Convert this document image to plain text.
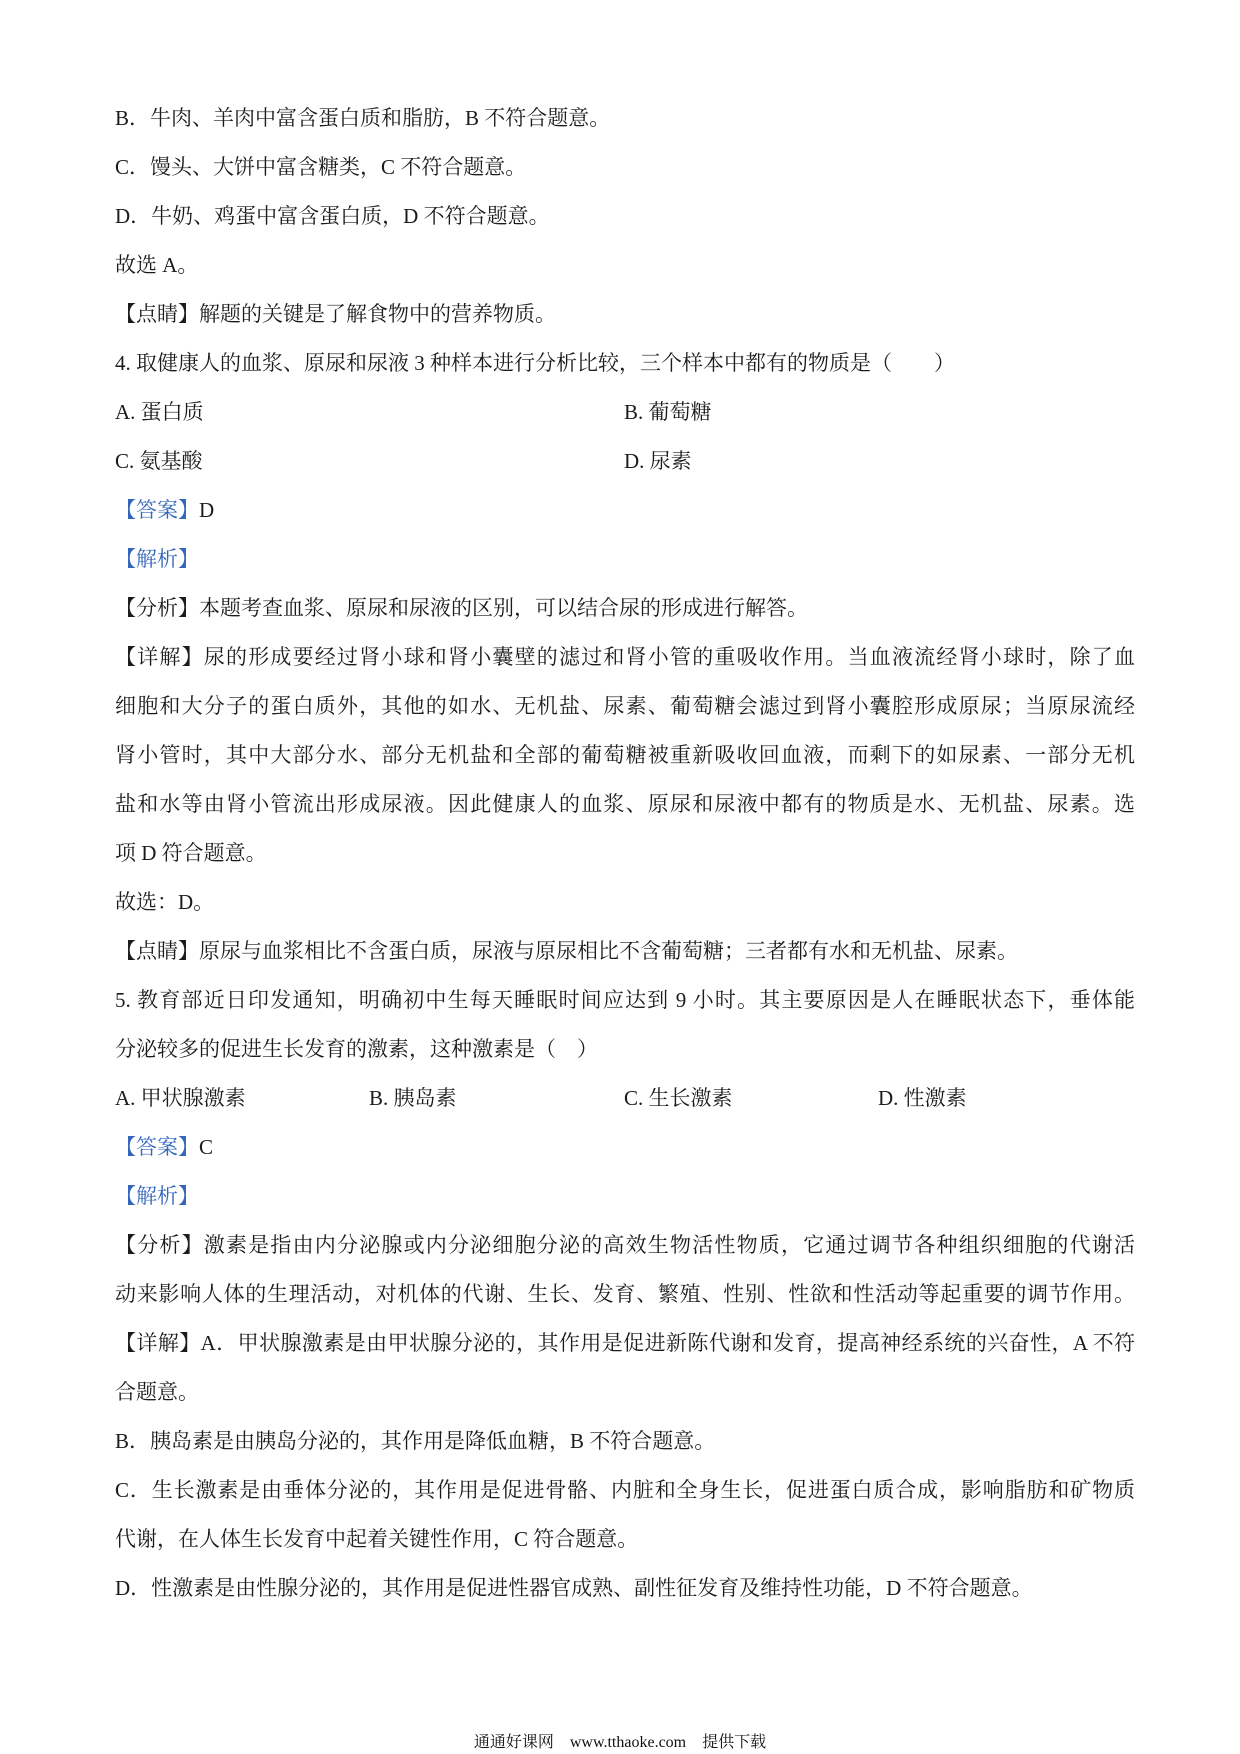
B．牛肉、羊肉中富含蛋白质和脂肪，B 不符合题意。
C．馒头、大饼中富含糖类，C 不符合题意。
D．牛奶、鸡蛋中富含蛋白质，D 不符合题意。
故选 A。
【点睛】解题的关键是了解食物中的营养物质。
4. 取健康人的血浆、原尿和尿液 3 种样本进行分析比较，三个样本中都有的物质是（　　）
A. 蛋白质	B. 葡萄糖
C. 氨基酸	D. 尿素
【答案】D
【解析】
【分析】本题考查血浆、原尿和尿液的区别，可以结合尿的形成进行解答。
【详解】尿的形成要经过肾小球和肾小囊壁的滤过和肾小管的重吸收作用。当血液流经肾小球时，除了血
细胞和大分子的蛋白质外，其他的如水、无机盐、尿素、葡萄糖会滤过到肾小囊腔形成原尿；当原尿流经
肾小管时，其中大部分水、部分无机盐和全部的葡萄糖被重新吸收回血液，而剩下的如尿素、一部分无机
盐和水等由肾小管流出形成尿液。因此健康人的血浆、原尿和尿液中都有的物质是水、无机盐、尿素。选
项 D 符合题意。
故选：D。
【点睛】原尿与血浆相比不含蛋白质，尿液与原尿相比不含葡萄糖；三者都有水和无机盐、尿素。
5. 教育部近日印发通知，明确初中生每天睡眠时间应达到 9 小时。其主要原因是人在睡眠状态下，垂体能
分泌较多的促进生长发育的激素，这种激素是（　）
A. 甲状腺激素	B. 胰岛素	C. 生长激素	D. 性激素
【答案】C
【解析】
【分析】激素是指由内分泌腺或内分泌细胞分泌的高效生物活性物质，它通过调节各种组织细胞的代谢活
动来影响人体的生理活动，对机体的代谢、生长、发育、繁殖、性别、性欲和性活动等起重要的调节作用。
【详解】A．甲状腺激素是由甲状腺分泌的，其作用是促进新陈代谢和发育，提高神经系统的兴奋性，A 不符
合题意。
B．胰岛素是由胰岛分泌的，其作用是降低血糖，B 不符合题意。
C．生长激素是由垂体分泌的，其作用是促进骨骼、内脏和全身生长，促进蛋白质合成，影响脂肪和矿物质
代谢，在人体生长发育中起着关键性作用，C 符合题意。
D．性激素是由性腺分泌的，其作用是促进性器官成熟、副性征发育及维持性功能，D 不符合题意。
通通好课网 www.tthaoke.com 提供下载
